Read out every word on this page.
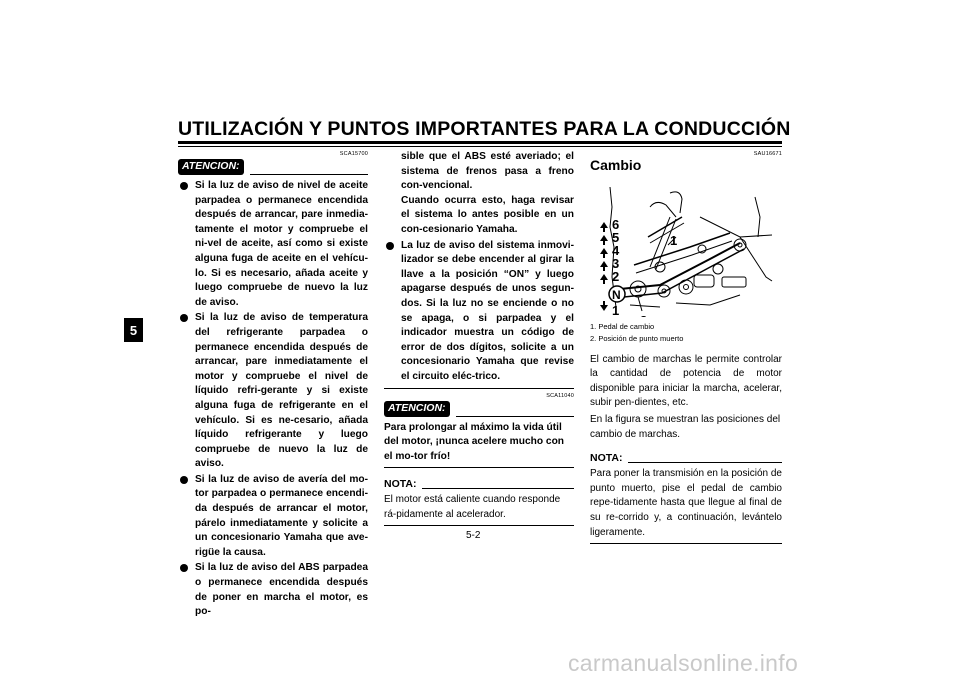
UTILIZACIÓN Y PUNTOS IMPORTANTES PARA LA CONDUCCIÓN
5
SCA15700
ATENCION:
Si la luz de aviso de nivel de aceite parpadea o permanece encendida después de arrancar, pare inmedia-tamente el motor y compruebe el ni-vel de aceite, así como si existe alguna fuga de aceite en el vehícu-lo. Si es necesario, añada aceite y luego compruebe de nuevo la luz de aviso.
Si la luz de aviso de temperatura del refrigerante parpadea o permanece encendida después de arrancar, pare inmediatamente el motor y compruebe el nivel de líquido refri-gerante y si existe alguna fuga de refrigerante en el vehículo. Si es ne-cesario, añada líquido refrigerante y luego compruebe de nuevo la luz de aviso.
Si la luz de aviso de avería del mo-tor parpadea o permanece encendi-da después de arrancar el motor, párelo inmediatamente y solicite a un concesionario Yamaha que ave-rigüe la causa.
Si la luz de aviso del ABS parpadea o permanece encendida después de poner en marcha el motor, es po-
sible que el ABS esté averiado; el sistema de frenos pasa a freno con-vencional.
Cuando ocurra esto, haga revisar el sistema lo antes posible en un con-cesionario Yamaha.
La luz de aviso del sistema inmovi-lizador se debe encender al girar la llave a la posición “ON” y luego apagarse después de unos segun-dos. Si la luz no se enciende o no se apaga, o si parpadea y el indicador muestra un código de error de dos dígitos, solicite a un concesionario Yamaha que revise el circuito eléc-trico.
SCA11040
ATENCION:
Para prolongar al máximo la vida útil del motor, ¡nunca acelere mucho con el mo-tor frío!
NOTA:
El motor está caliente cuando responde rá-pidamente al acelerador.
SAU16671
Cambio
6
5
4
3
2
1
1
N
1. Pedal de cambio
2. Posición de punto muerto
El cambio de marchas le permite controlar la cantidad de potencia de motor disponible para iniciar la marcha, acelerar, subir pen-dientes, etc.
En la figura se muestran las posiciones del cambio de marchas.
NOTA:
Para poner la transmisión en la posición de punto muerto, pise el pedal de cambio repe-tidamente hasta que llegue al final de su re-corrido y, a continuación, levántelo ligeramente.
5-2
carmanualsonline.info
